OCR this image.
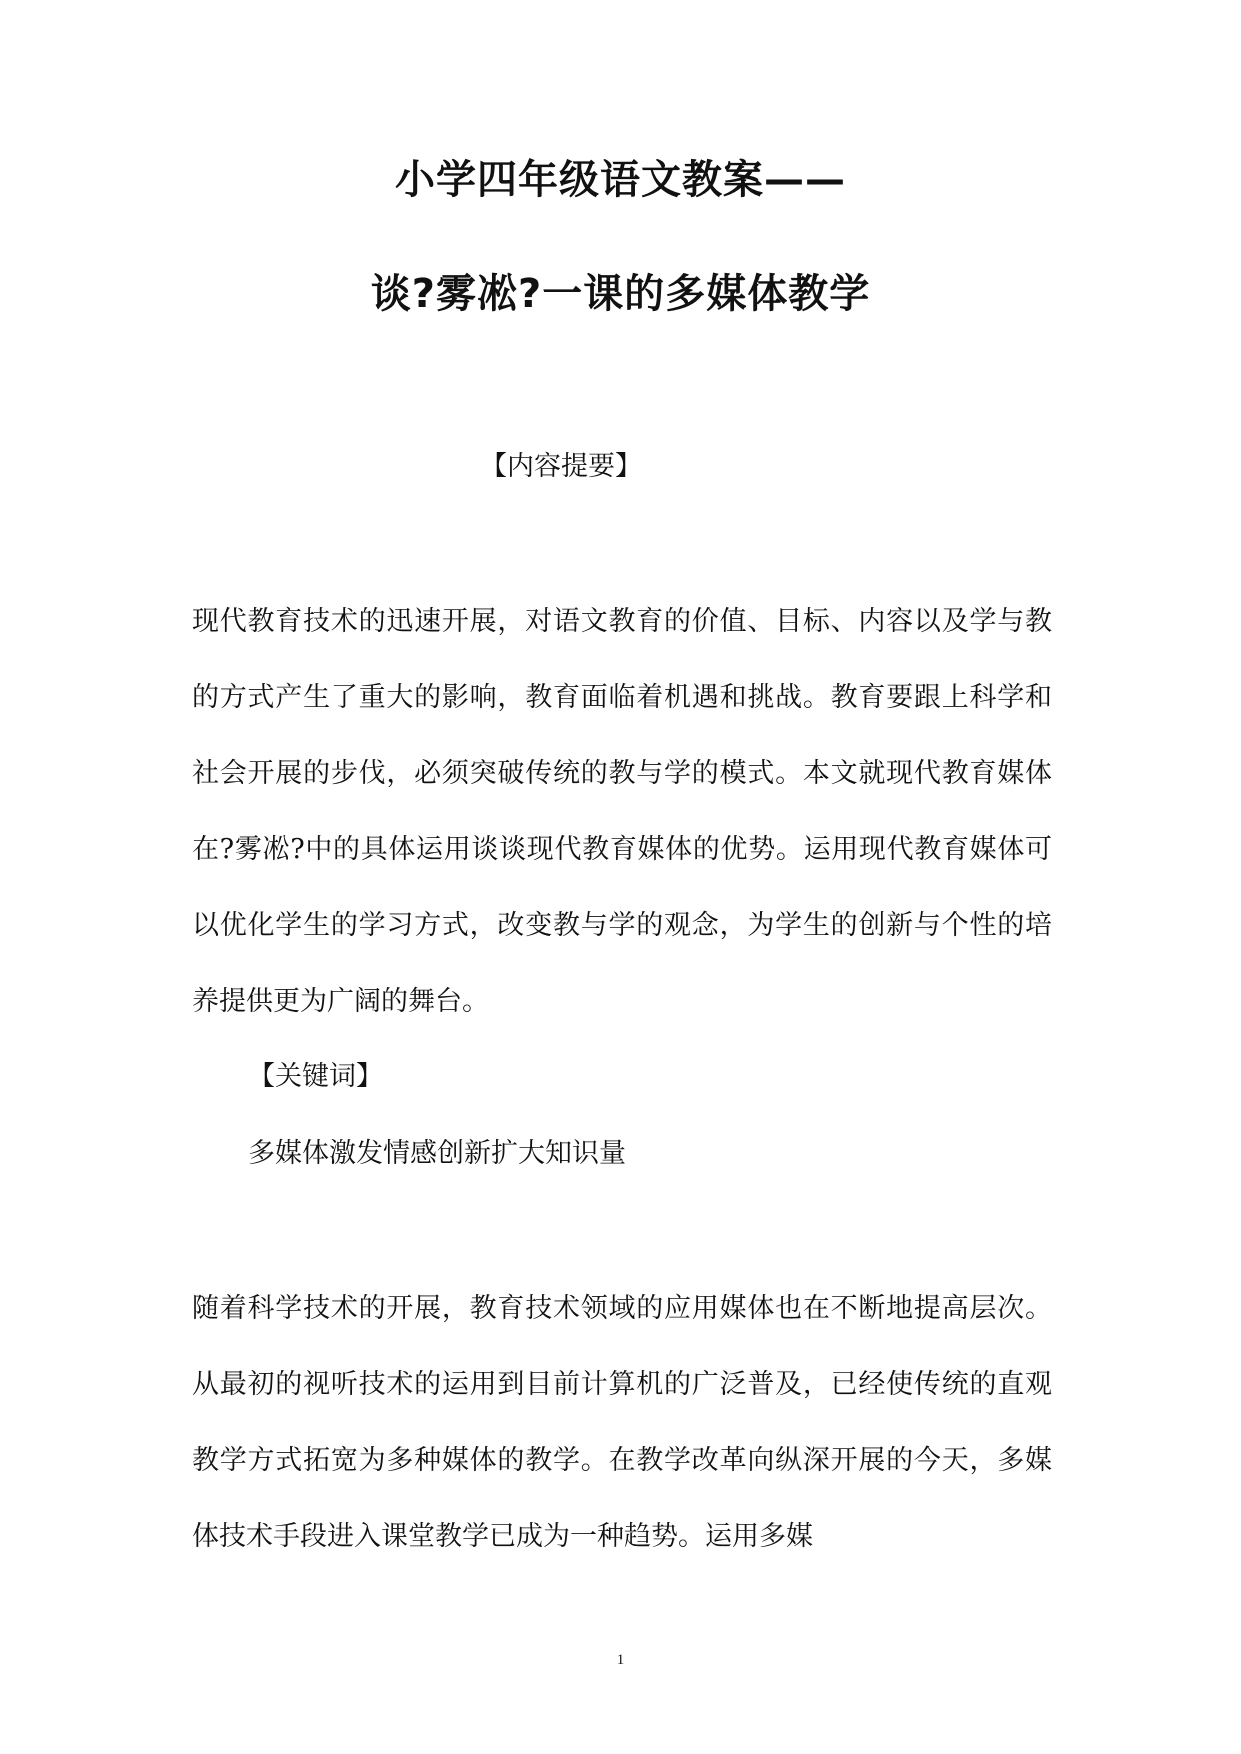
小学四年级语文教案——
谈?雾凇?一课的多媒体教学

【内容提要】

现代教育技术的迅速开展，对语文教育的价值、目标、内容以及学与教的方式产生了重大的影响，教育面临着机遇和挑战。教育要跟上科学和社会开展的步伐，必须突破传统的教与学的模式。本文就现代教育媒体在?雾凇?中的具体运用谈谈现代教育媒体的优势。运用现代教育媒体可以优化学生的学习方式，改变教与学的观念，为学生的创新与个性的培养提供更为广阔的舞台。

【关键词】

多媒体激发情感创新扩大知识量

随着科学技术的开展，教育技术领域的应用媒体也在不断地提高层次。从最初的视听技术的运用到目前计算机的广泛普及，已经使传统的直观教学方式拓宽为多种媒体的教学。在教学改革向纵深开展的今天，多媒体技术手段进入课堂教学已成为一种趋势。运用多媒

1
